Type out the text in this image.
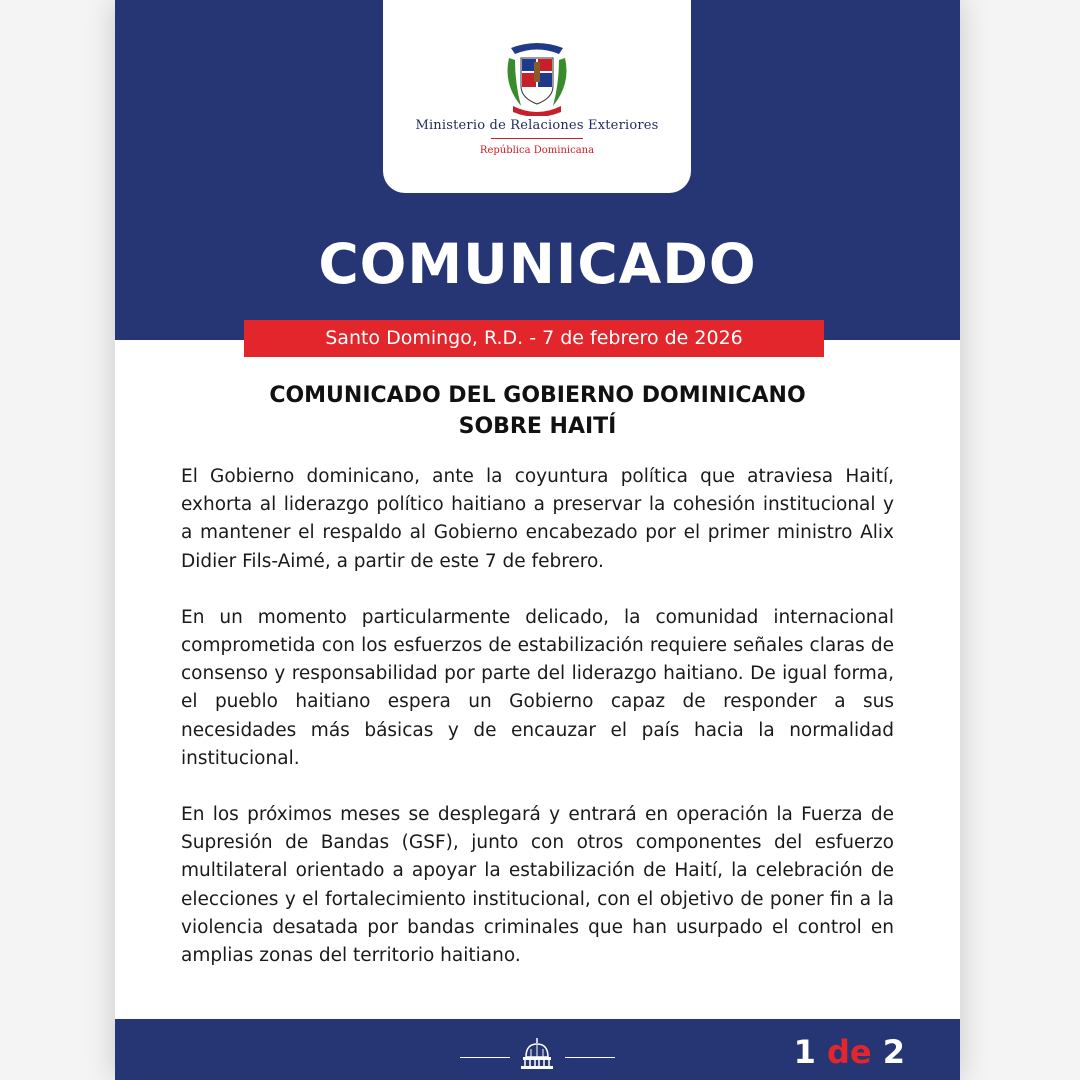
Ministerio de Relaciones Exteriores
República Dominicana
COMUNICADO
Santo Domingo, R.D. - 7 de febrero de 2026
COMUNICADO DEL GOBIERNO DOMINICANO
SOBRE HAITÍ

El Gobierno dominicano, ante la coyuntura política que atraviesa Haití, exhorta al liderazgo político haitiano a preservar la cohesión institucional y a mantener el respaldo al Gobierno encabezado por el primer ministro Alix Didier Fils-Aimé, a partir de este 7 de febrero.

En un momento particularmente delicado, la comunidad internacional comprometida con los esfuerzos de estabilización requiere señales claras de consenso y responsabilidad por parte del liderazgo haitiano. De igual forma, el pueblo haitiano espera un Gobierno capaz de responder a sus necesidades más básicas y de encauzar el país hacia la normalidad institucional.

En los próximos meses se desplegará y entrará en operación la Fuerza de Supresión de Bandas (GSF), junto con otros componentes del esfuerzo multilateral orientado a apoyar la estabilización de Haití, la celebración de elecciones y el fortalecimiento institucional, con el objetivo de poner fin a la violencia desatada por bandas criminales que han usurpado el control en amplias zonas del territorio haitiano.

1 de 2
